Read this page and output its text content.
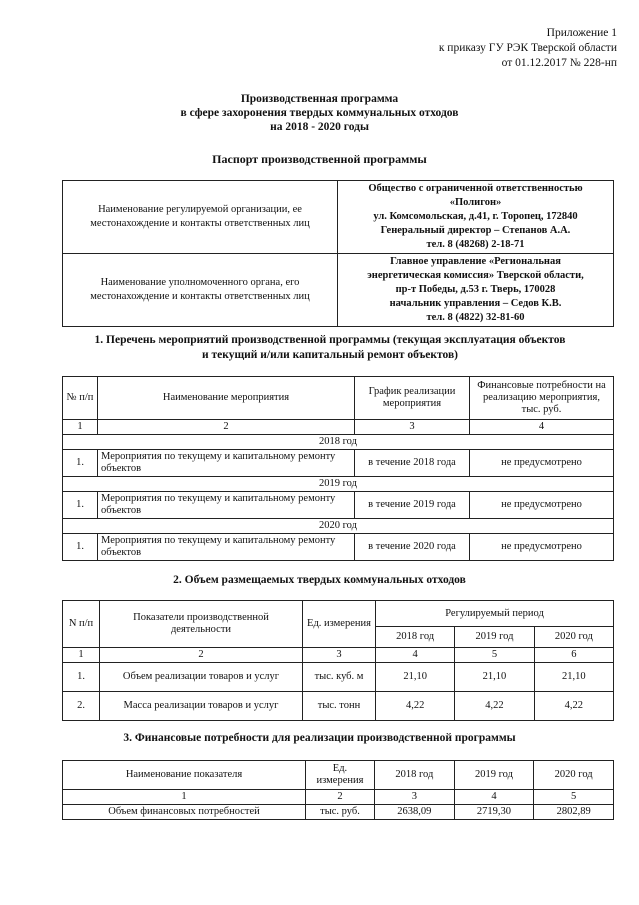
Приложение 1
к приказу ГУ РЭК Тверской области
от 01.12.2017 № 228-нп
Производственная программа
в сфере захоронения твердых коммунальных отходов
на 2018 - 2020 годы
Паспорт производственной программы
Наименование регулируемой организации, ее местонахождение и контакты ответственных лиц	Общество с ограниченной ответственностью
«Полигон»
ул. Комсомольская, д.41, г. Торопец, 172840
Генеральный директор – Степанов А.А.
тел. 8 (48268) 2-18-71

Наименование уполномоченного органа, его местонахождение и контакты ответственных лиц	Главное управление «Региональная
энергетическая комиссия» Тверской области,
пр-т Победы, д.53 г. Тверь, 170028
начальник управления – Седов К.В.
тел. 8 (4822) 32-81-60
1. Перечень мероприятий производственной программы (текущая эксплуатация объектов
и текущий и/или капитальный ремонт объектов)
№ п/п	Наименование мероприятия	График реализации мероприятия	Финансовые потребности на реализацию мероприятия, тыс. руб.
1	2	3	4
2018 год			
1.	Мероприятия по текущему и капитальному ремонту объектов	в течение 2018 года	не предусмотрено
2019 год			
1.	Мероприятия по текущему и капитальному ремонту объектов	в течение 2019 года	не предусмотрено
2020 год			
1.	Мероприятия по текущему и капитальному ремонту объектов	в течение 2020 года	не предусмотрено
2. Объем размещаемых твердых коммунальных отходов
N п/п	Показатели производственной деятельности	Ед. измерения	Регулируемый период		
			2018 год	2019 год	2020 год
1	2	3	4	5	6
1.	Объем реализации товаров и услуг	тыс. куб. м	21,10	21,10	21,10
2.	Масса реализации товаров и услуг	тыс. тонн	4,22	4,22	4,22
3. Финансовые потребности для реализации производственной программы
Наименование показателя	Ед. измерения	2018 год	2019 год	2020 год
1	2	3	4	5
Объем финансовых потребностей	тыс. руб.	2638,09	2719,30	2802,89
